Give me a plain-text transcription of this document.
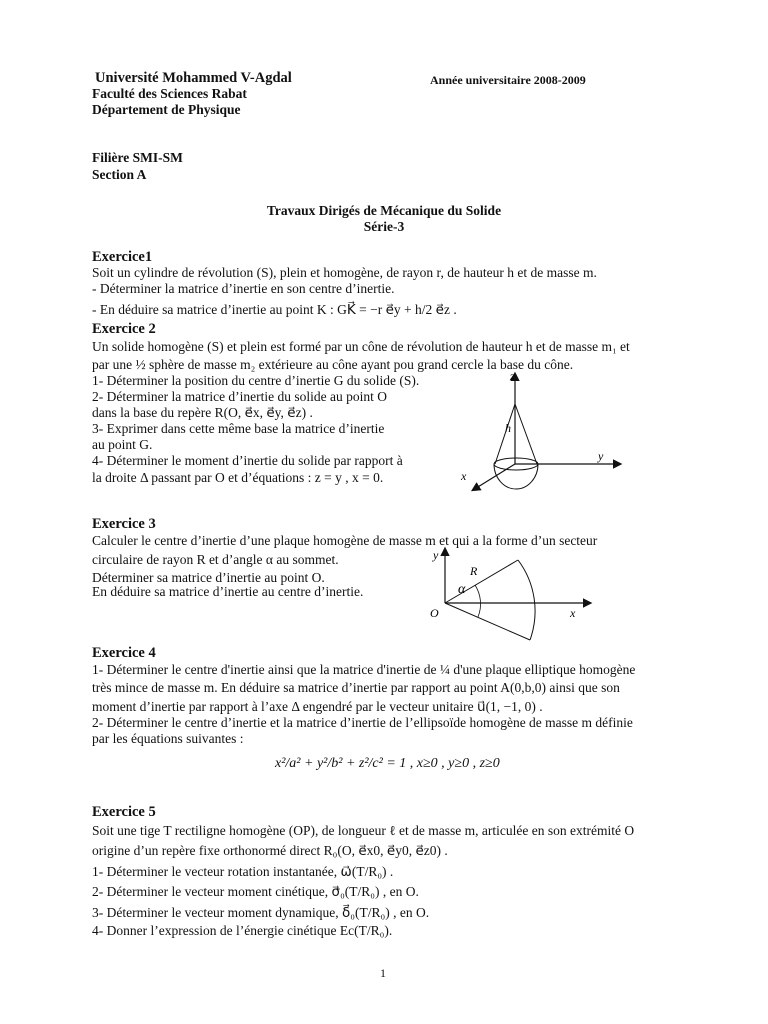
Université Mohammed V-Agdal
Faculté des Sciences Rabat
Département de Physique
Année universitaire 2008-2009
Filière SMI-SM
Section A
Travaux Dirigés de Mécanique du Solide
Série-3
Exercice1
Soit un cylindre de révolution (S), plein et homogène, de rayon r, de hauteur h et de masse m.
- Déterminer la matrice d’inertie en son centre d’inertie.
- En déduire sa matrice d’inertie au point K : GK⃗ = −r e⃗y + h/2 e⃗z .
Exercice 2
Un solide homogène (S) et plein est formé par un cône de révolution de hauteur h et de masse m₁ et
par une ½ sphère de masse m₂ extérieure au cône ayant pou grand cercle la base du cône.
1- Déterminer la position du centre d’inertie G du solide (S).
2- Déterminer la matrice d’inertie du solide au point O
dans la base du repère R(O, e⃗x, e⃗y, e⃗z) .
3- Exprimer dans cette même base la matrice d’inertie
au point G.
4- Déterminer le moment d’inertie du solide par rapport à
la droite Δ passant par O et d’équations : z = y , x = 0.
z
y
x
h
Exercice 3
Calculer le centre d’inertie d’une plaque homogène de masse m et qui a la forme d’un secteur
circulaire de rayon R et d’angle α au sommet.
Déterminer sa matrice d’inertie au point O.
En déduire sa matrice d’inertie au centre d’inertie.
y
x
O
R
α
Exercice 4
1- Déterminer le centre d'inertie ainsi que la matrice d'inertie de ¼ d'une plaque elliptique homogène
très mince de masse m. En déduire sa matrice d’inertie par rapport au point A(0,b,0) ainsi que son
moment d’inertie par rapport à l’axe Δ engendré par le vecteur unitaire u⃗(1, −1, 0) .
2- Déterminer le centre d’inertie et la matrice d’inertie de l’ellipsoïde homogène de masse m définie
par les équations suivantes :
x²/a² + y²/b² + z²/c² = 1 , x≥0 , y≥0 , z≥0
Exercice 5
Soit une tige T rectiligne homogène (OP), de longueur ℓ et de masse m, articulée en son extrémité O
origine d’un repère fixe orthonormé direct R₀(O, e⃗x0, e⃗y0, e⃗z0) .
1- Déterminer le vecteur rotation instantanée, ω⃗(T/R₀) .
2- Déterminer le vecteur moment cinétique, σ⃗₀(T/R₀) , en O.
3- Déterminer le vecteur moment dynamique, δ⃗₀(T/R₀) , en O.
4- Donner l’expression de l’énergie cinétique Ec(T/R₀).
1
